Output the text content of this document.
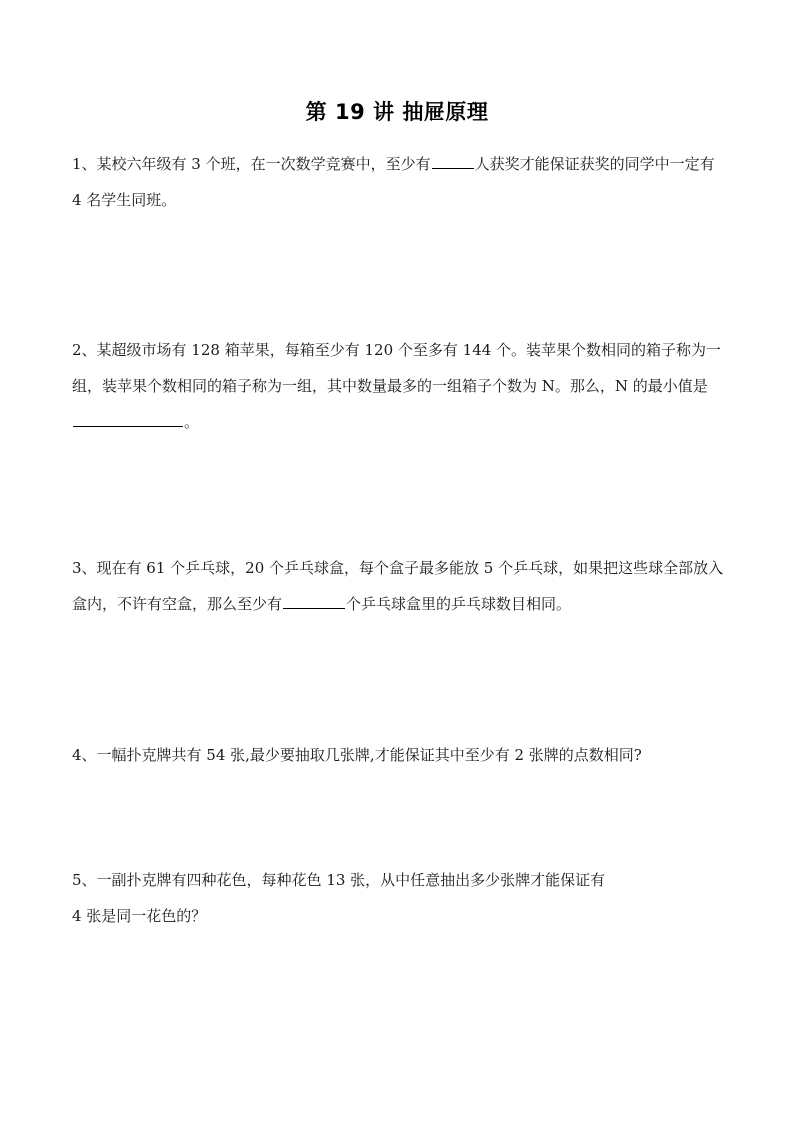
第 19 讲 抽屉原理
1、某校六年级有 3 个班，在一次数学竞赛中，至少有	人获奖才能保证获奖的同学中一定有 4 名学生同班。
2、某超级市场有 128 箱苹果，每箱至少有 120 个至多有 144 个。装苹果个数相同的箱子称为一组，装苹果个数相同的箱子称为一组，其中数量最多的一组箱子个数为 N。那么，N 的最小值是。
3、现在有 61 个乒乓球，20 个乒乓球盒，每个盒子最多能放 5 个乒乓球，如果把这些球全部放入盒内，不许有空盒，那么至少有	个乒乓球盒里的乒乓球数目相同。
4、一幅扑克牌共有 54 张,最少要抽取几张牌,才能保证其中至少有 2 张牌的点数相同?
5、一副扑克牌有四种花色，每种花色 13 张，从中任意抽出多少张牌才能保证有
4 张是同一花色的？
